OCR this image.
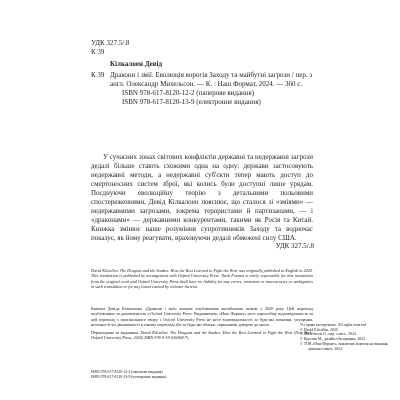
УДК 327.5/.8
К 39
Кілкалоен Девід
К 39 Дракони і змії. Еволюція ворогів Заходу та майбутні загрози / пер. з англ. Олександр Михельсон. — К. : Наш Формат, 2024. — 360 с.
ISBN 978-617-8120-12-2 (паперове видання)
ISBN 978-617-8120-13-9 (електронне видання)
У сучасних зонах світових конфліктів державні та недержавні загрози дедалі більше стають схожими одна на одну: держави застосовують недержавні методи, а недержавні суб'єкти тепер мають доступ до смертоносних систем зброї, які колись були доступні лише урядам. Поєднуючи еволюційну теорію з детальними польовими спостереженнями, Девід Кілкалоен пояснює, що сталося зі «зміями» — недержавними загрозами, зокрема терористами й партизанами, — і «драконами» — державними конкурентами, такими як Росія та Китай. Книжка змінює наше розуміння супротивників Заходу та водночас показує, як йому реагувати, враховуючи дедалі обмежені силу США.
УДК 327.5/.8
David Kilcullen. The Dragons and the Snakes: How the Rest Learned to Fight the West was originally published in English in 2020. This translation is published by arrangement with Oxford University Press. Nash Format is solely responsible for this translation from the original work and Oxford University Press shall have no liability for any errors, omissions or inaccuracies or ambiguities in such translation or for any losses caused by reliance thereon.
Книжка Девіда Кілкалоена «Дракони і змії» вперше опублікована англійською мовою у 2020 році. Цей переклад опубліковано за домовленістю з Oxford University Press. Видавництво «Наш Формат» несе одноосібну відповідальність за цей переклад з оригінального твору, і Oxford University Press не несе відповідальності за будь-які помилки, упущення, неточності чи двозначності в такому перекладі або за будь-які збитки, спричинені довірою до нього.
Перекладено за виданням: David Kilcullen. The Dragons and the Snakes: How the Rest Learned to Fight the West (New York: Oxford University Press, 2020) ISBN 978-0-19-026568-7).
Усі права застережено. All rights reserved
© David Kilcullen, 2020
© Михельсон О., пер. з англ., 2024
© Кругляк М., дизайн обкладинки, 2024
© ТОВ «Наш Формат», виключна ліцензія на видання,
оригінал-макет, 2024
ISBN 978-617-8120-12-2 (паперове видання)
ISBN 978-617-8120-13-9 (електронне видання)
